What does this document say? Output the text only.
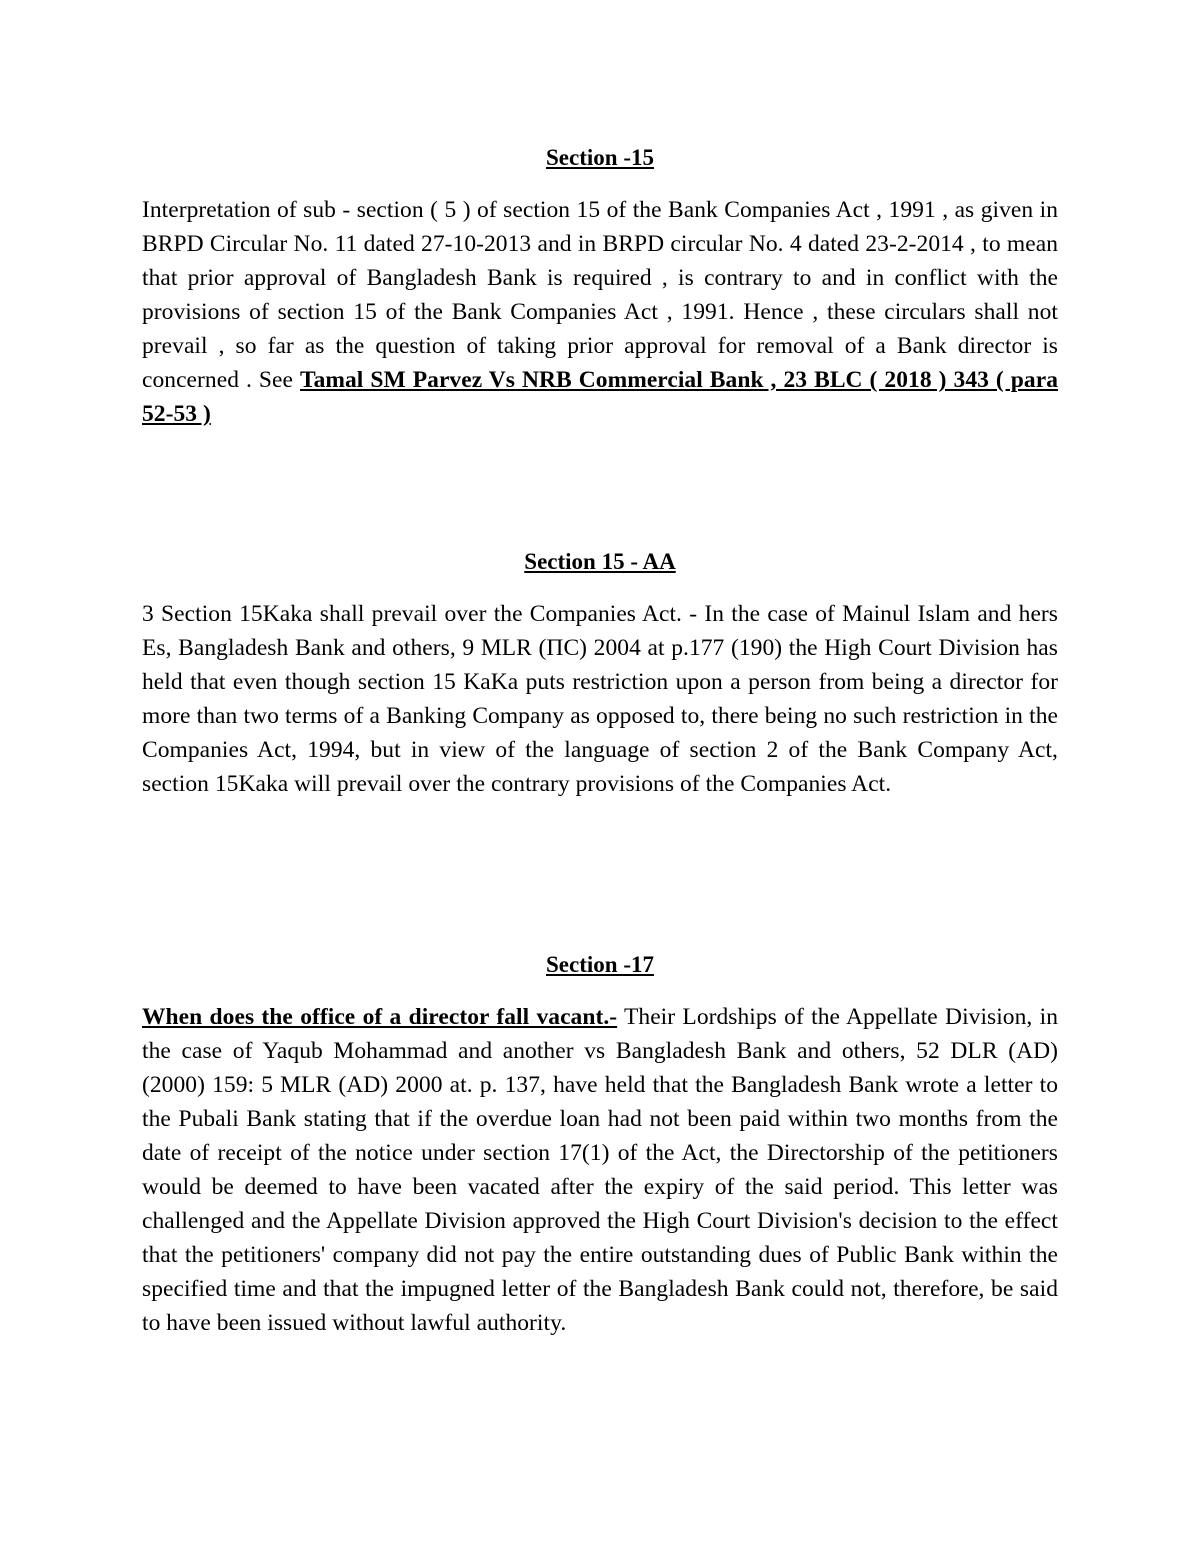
Section -15

Interpretation of sub - section ( 5 ) of section 15 of the Bank Companies Act , 1991 , as given in BRPD Circular No. 11 dated 27-10-2013 and in BRPD circular No. 4 dated 23-2-2014 , to mean that prior approval of Bangladesh Bank is required , is contrary to and in conflict with the provisions of section 15 of the Bank Companies Act , 1991. Hence , these circulars shall not prevail , so far as the question of taking prior approval for removal of a Bank director is concerned . See Tamal SM Parvez Vs NRB Commercial Bank , 23 BLC ( 2018 ) 343 ( para 52-53 )

Section 15 - AA

3 Section 15Kaka shall prevail over the Companies Act. - In the case of Mainul Islam and hers Es, Bangladesh Bank and others, 9 MLR (ΠC) 2004 at p.177 (190) the High Court Division has held that even though section 15 KaKa puts restriction upon a person from being a director for more than two terms of a Banking Company as opposed to, there being no such restriction in the Companies Act, 1994, but in view of the language of section 2 of the Bank Company Act, section 15Kaka will prevail over the contrary provisions of the Companies Act.

Section -17

When does the office of a director fall vacant.- Their Lordships of the Appellate Division, in the case of Yaqub Mohammad and another vs Bangladesh Bank and others, 52 DLR (AD) (2000) 159: 5 MLR (AD) 2000 at. p. 137, have held that the Bangladesh Bank wrote a letter to the Pubali Bank stating that if the overdue loan had not been paid within two months from the date of receipt of the notice under section 17(1) of the Act, the Directorship of the petitioners would be deemed to have been vacated after the expiry of the said period. This letter was challenged and the Appellate Division approved the High Court Division's decision to the effect that the petitioners' company did not pay the entire outstanding dues of Public Bank within the specified time and that the impugned letter of the Bangladesh Bank could not, therefore, be said to have been issued without lawful authority.
